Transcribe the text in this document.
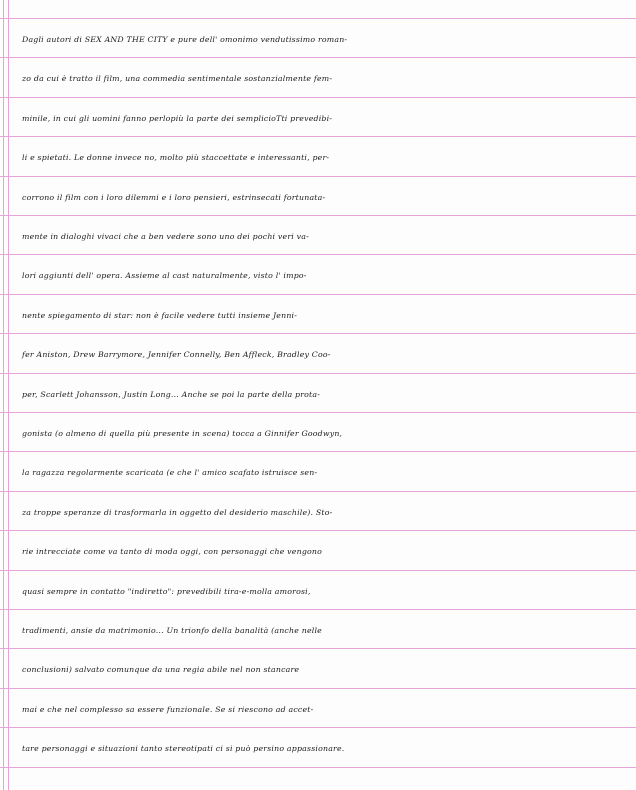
Dagli autori di SEX AND THE CITY e pure dell' omonimo vendutissimo roman-
zo da cui è tratto il film, una commedia sentimentale sostanzialmente fem-
minile, in cui gli uomini fanno perlopiù la parte dei semplicioTti prevedibi-
li e spietati. Le donne invece no, molto più staccettate e interessanti, per-
corrono il film con i loro dilemmi e i loro pensieri, estrinsecati fortunata-
mente in dialoghi vivaci che a ben vedere sono uno dei pochi veri va-
lori aggiunti dell' opera. Assieme al cast naturalmente, visto l' impo-
nente spiegamento di star: non è facile vedere tutti insieme Jenni-
fer Aniston, Drew Barrymore, Jennifer Connelly, Ben Affleck, Bradley Coo-
per, Scarlett Johansson, Justin Long... Anche se poi la parte della prota-
gonista (o almeno di quella più presente in scena) tocca a Ginnifer Goodwyn,
la ragazza regolarmente scaricata (e che l' amico scafato istruisce sen-
za troppe speranze di trasformarla in oggetto del desiderio maschile). Sto-
rie intrecciate come va tanto di moda oggi, con personaggi che vengono
quasi sempre in contatto "indiretto": prevedibili tira-e-molla amorosi,
tradimenti, ansie da matrimonio... Un trionfo della banalità (anche nelle
conclusioni) salvato comunque da una regia abile nel non stancare
mai e che nel complesso sa essere funzionale. Se si riescono ad accet-
tare personaggi e situazioni tanto stereotipati ci si può persino appassionare.
